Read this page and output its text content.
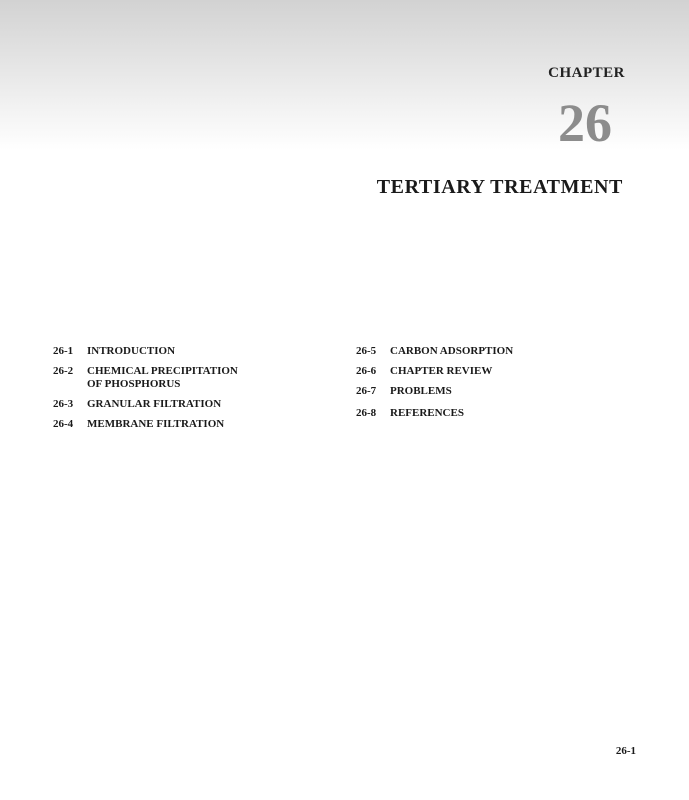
CHAPTER
26
TERTIARY TREATMENT
26-1	INTRODUCTION
26-2	CHEMICAL PRECIPITATION
OF PHOSPHORUS
26-3	GRANULAR FILTRATION
26-4	MEMBRANE FILTRATION
26-5	CARBON ADSORPTION
26-6	CHAPTER REVIEW
26-7	PROBLEMS
26-8	REFERENCES
26-1
